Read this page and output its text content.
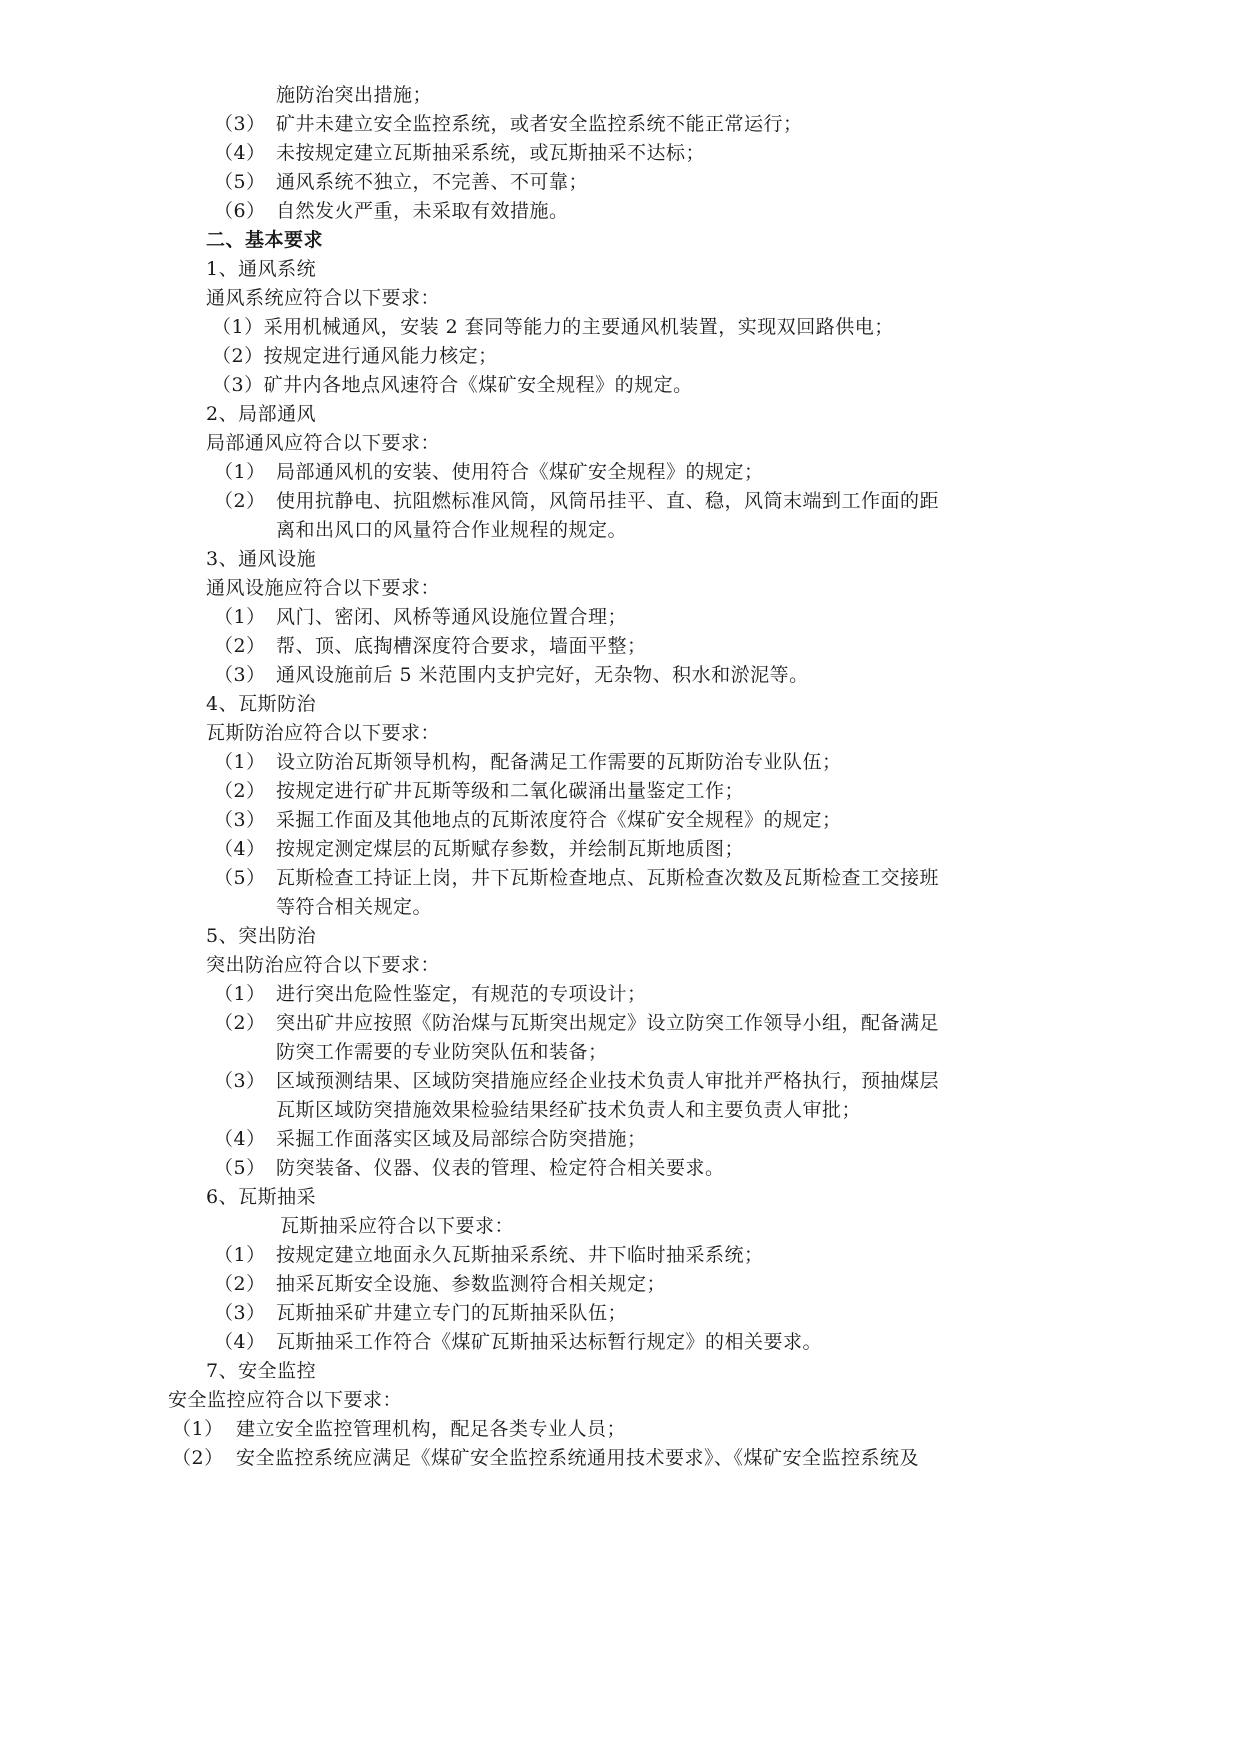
施防治突出措施；
（3） 矿井未建立安全监控系统，或者安全监控系统不能正常运行；
（4） 未按规定建立瓦斯抽采系统，或瓦斯抽采不达标；
（5） 通风系统不独立，不完善、不可靠；
（6） 自然发火严重，未采取有效措施。
二、基本要求
1、通风系统
通风系统应符合以下要求：
（1）采用机械通风，安装 2 套同等能力的主要通风机装置，实现双回路供电；
（2）按规定进行通风能力核定；
（3）矿井内各地点风速符合《煤矿安全规程》的规定。
2、局部通风
局部通风应符合以下要求：
（1） 局部通风机的安装、使用符合《煤矿安全规程》的规定；
（2） 使用抗静电、抗阻燃标准风筒，风筒吊挂平、直、稳，风筒末端到工作面的距
离和出风口的风量符合作业规程的规定。
3、通风设施
通风设施应符合以下要求：
（1） 风门、密闭、风桥等通风设施位置合理；
（2） 帮、顶、底掏槽深度符合要求，墙面平整；
（3） 通风设施前后 5 米范围内支护完好，无杂物、积水和淤泥等。
4、瓦斯防治
瓦斯防治应符合以下要求：
（1） 设立防治瓦斯领导机构，配备满足工作需要的瓦斯防治专业队伍；
（2） 按规定进行矿井瓦斯等级和二氧化碳涌出量鉴定工作；
（3） 采掘工作面及其他地点的瓦斯浓度符合《煤矿安全规程》的规定；
（4） 按规定测定煤层的瓦斯赋存参数，并绘制瓦斯地质图；
（5） 瓦斯检查工持证上岗，井下瓦斯检查地点、瓦斯检查次数及瓦斯检查工交接班
等符合相关规定。
5、突出防治
突出防治应符合以下要求：
（1） 进行突出危险性鉴定，有规范的专项设计；
（2） 突出矿井应按照《防治煤与瓦斯突出规定》设立防突工作领导小组，配备满足
防突工作需要的专业防突队伍和装备；
（3） 区域预测结果、区域防突措施应经企业技术负责人审批并严格执行，预抽煤层
瓦斯区域防突措施效果检验结果经矿技术负责人和主要负责人审批；
（4） 采掘工作面落实区域及局部综合防突措施；
（5） 防突装备、仪器、仪表的管理、检定符合相关要求。
6、瓦斯抽采
瓦斯抽采应符合以下要求：
（1） 按规定建立地面永久瓦斯抽采系统、井下临时抽采系统；
（2） 抽采瓦斯安全设施、参数监测符合相关规定；
（3） 瓦斯抽采矿井建立专门的瓦斯抽采队伍；
（4） 瓦斯抽采工作符合《煤矿瓦斯抽采达标暂行规定》的相关要求。
7、安全监控
安全监控应符合以下要求：
（1） 建立安全监控管理机构，配足各类专业人员；
（2） 安全监控系统应满足《煤矿安全监控系统通用技术要求》、《煤矿安全监控系统及
